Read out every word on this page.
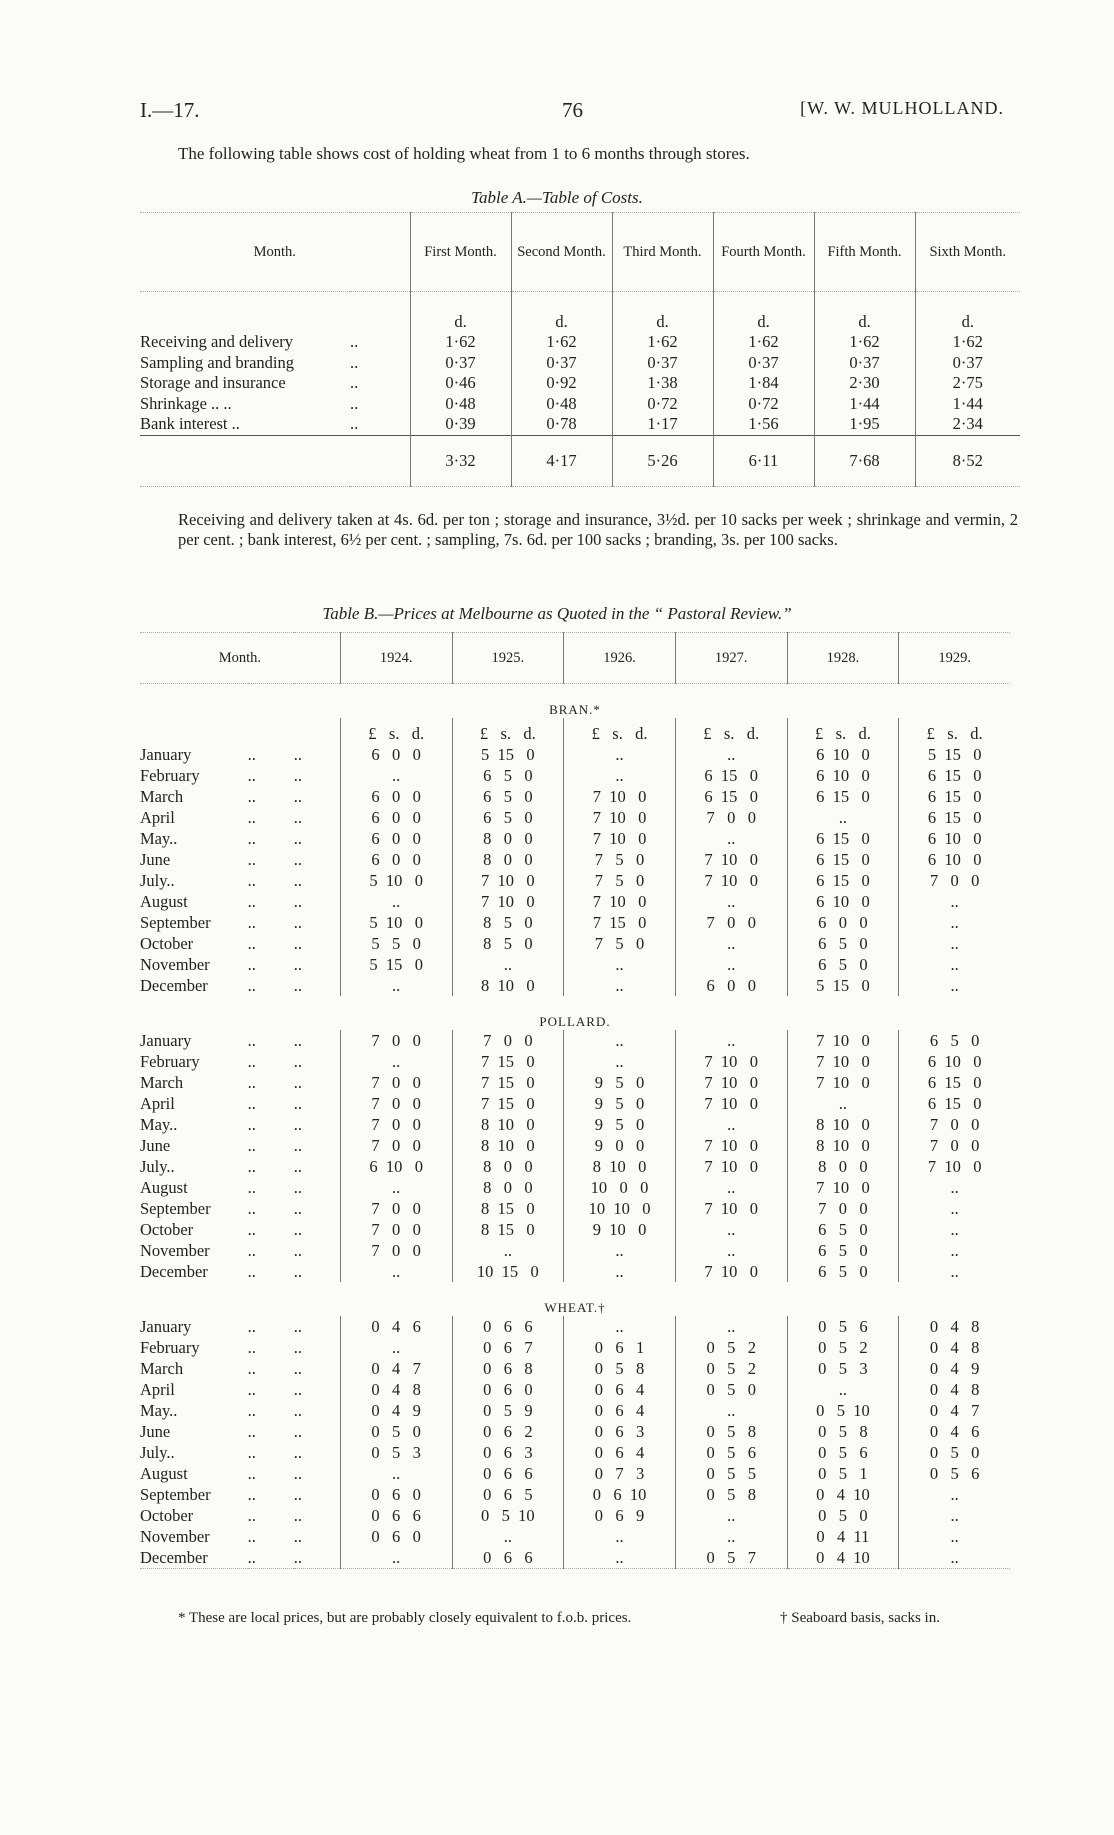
I.—17.	76	[W. W. MULHOLLAND.
The following table shows cost of holding wheat from 1 to 6 months through stores.
Table A.—Table of Costs.
Month.		First Month.	Second Month.	Third Month.	Fourth Month.	Fifth Month.	Sixth Month.
		d.	d.	d.	d.	d.	d.
Receiving and delivery	..	1·62	1·62	1·62	1·62	1·62	1·62
Sampling and branding	..	0·37	0·37	0·37	0·37	0·37	0·37
Storage and insurance	..	0·46	0·92	1·38	1·84	2·30	2·75
Shrinkage .. ..	..	0·48	0·48	0·72	0·72	1·44	1·44
Bank interest ..	..	0·39	0·78	1·17	1·56	1·95	2·34
		3·32	4·17	5·26	6·11	7·68	8·52
Receiving and delivery taken at 4s. 6d. per ton ; storage and insurance, 3½d. per 10 sacks per week ; shrinkage and vermin, 2 per cent. ; bank interest, 6½ per cent. ; sampling, 7s. 6d. per 100 sacks ; branding, 3s. per 100 sacks.
Table B.—Prices at Melbourne as Quoted in the “ Pastoral Review.”
Month.			1924.	1925.	1926.	1927.	1928.	1929.
BRAN.*								
			£   s.   d.	£   s.   d.	£   s.   d.	£   s.   d.	£   s.   d.	£   s.   d.
January	..	..	6   0   0	5  15   0	..	..	6  10   0	5  15   0
February	..	..	..	6   5   0	..	6  15   0	6  10   0	6  15   0
March	..	..	6   0   0	6   5   0	7  10   0	6  15   0	6  15   0	6  15   0
April	..	..	6   0   0	6   5   0	7  10   0	7   0   0	..	6  15   0
May..	..	..	6   0   0	8   0   0	7  10   0	..	6  15   0	6  10   0
June	..	..	6   0   0	8   0   0	7   5   0	7  10   0	6  15   0	6  10   0
July..	..	..	5  10   0	7  10   0	7   5   0	7  10   0	6  15   0	7   0   0
August	..	..	..	7  10   0	7  10   0	..	6  10   0	..
September	..	..	5  10   0	8   5   0	7  15   0	7   0   0	6   0   0	..
October	..	..	5   5   0	8   5   0	7   5   0	..	6   5   0	..
November	..	..	5  15   0	..	..	..	6   5   0	..
December	..	..	..	8  10   0	..	6   0   0	5  15   0	..
POLLARD.								
January	..	..	7   0   0	7   0   0	..	..	7  10   0	6   5   0
February	..	..	..	7  15   0	..	7  10   0	7  10   0	6  10   0
March	..	..	7   0   0	7  15   0	9   5   0	7  10   0	7  10   0	6  15   0
April	..	..	7   0   0	7  15   0	9   5   0	7  10   0	..	6  15   0
May..	..	..	7   0   0	8  10   0	9   5   0	..	8  10   0	7   0   0
June	..	..	7   0   0	8  10   0	9   0   0	7  10   0	8  10   0	7   0   0
July..	..	..	6  10   0	8   0   0	8  10   0	7  10   0	8   0   0	7  10   0
August	..	..	..	8   0   0	10   0   0	..	7  10   0	..
September	..	..	7   0   0	8  15   0	10  10   0	7  10   0	7   0   0	..
October	..	..	7   0   0	8  15   0	9  10   0	..	6   5   0	..
November	..	..	7   0   0	..	..	..	6   5   0	..
December	..	..	..	10  15   0	..	7  10   0	6   5   0	..
WHEAT.†								
January	..	..	0   4   6	0   6   6	..	..	0   5   6	0   4   8
February	..	..	..	0   6   7	0   6   1	0   5   2	0   5   2	0   4   8
March	..	..	0   4   7	0   6   8	0   5   8	0   5   2	0   5   3	0   4   9
April	..	..	0   4   8	0   6   0	0   6   4	0   5   0	..	0   4   8
May..	..	..	0   4   9	0   5   9	0   6   4	..	0   5  10	0   4   7
June	..	..	0   5   0	0   6   2	0   6   3	0   5   8	0   5   8	0   4   6
July..	..	..	0   5   3	0   6   3	0   6   4	0   5   6	0   5   6	0   5   0
August	..	..	..	0   6   6	0   7   3	0   5   5	0   5   1	0   5   6
September	..	..	0   6   0	0   6   5	0   6  10	0   5   8	0   4  10	..
October	..	..	0   6   6	0   5  10	0   6   9	..	0   5   0	..
November	..	..	0   6   0	..	..	..	0   4  11	..
December	..	..	..	0   6   6	..	0   5   7	0   4  10	..
* These are local prices, but are probably closely equivalent to f.o.b. prices.	† Seaboard basis, sacks in.
